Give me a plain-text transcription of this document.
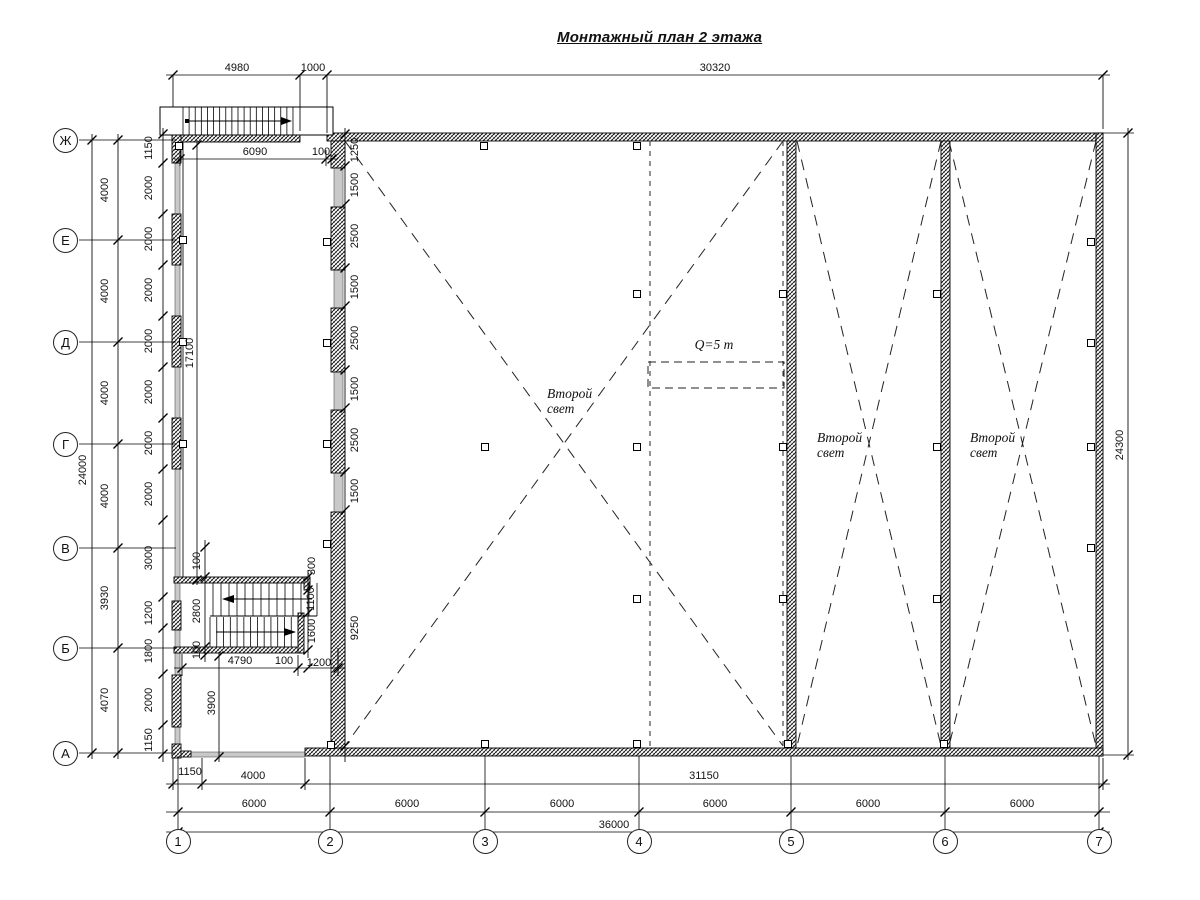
Монтажный план 2 этажа
Q=5 т
4980	1000	30320
6090	100
24000
4000
4000
4000
4000
3930
4070
1150
2000
2000
2000
2000
2000
2000
2000
3000
1200
1800
2000
1150
17100
100
2800
100
3900
1250
1500
2500
1500
2500
1500
2500
1500
9250
300
1100
1600
4790 100 1200
1150	4000	31150
6000	6000	6000	6000	6000	6000
36000
24300
Ж
Е
Д
Г
В
Б
А
1	2	3	4	5	6	7
Второй
свет
Второй
свет
Второй
свет
